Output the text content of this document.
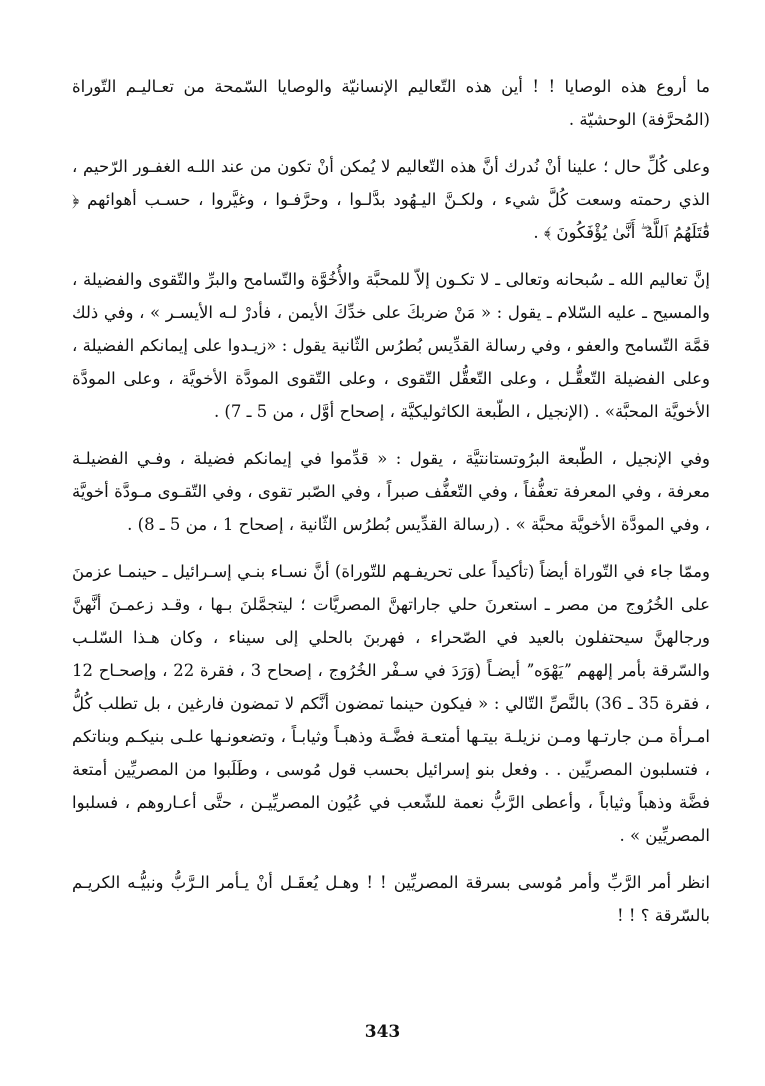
ما أروع هذه الوصايا ! ! أين هذه التّعاليم الإنسانيّة والوصايا السّمحة من تعـاليـم التّوراة (المُحرَّفة) الوحشيّة .

وعلى كُلِّ حال ؛ علينا أنْ نُدرك أنَّ هذه التّعاليم لا يُمكن أنْ تكون من عند اللـه الغفـور الرّحيم ، الذي رحمته وسعت كُلَّ شيء ، ولكـنَّ اليـهُود بدَّلـوا ، وحرَّفـوا ، وغيَّروا ، حسـب أهوائهم ﴿ قَٰتَلَهُمُ ٱللَّهُ ۖ أَنَّىٰ يُؤْفَكُونَ ﴾ .

إنَّ تعاليم الله ـ سُبحانه وتعالى ـ لا تكـون إلاّ للمحبَّة والأُخُوَّة والتّسامح والبرِّ والتّقوى والفضيلة ، والمسيح ـ عليه السّلام ـ يقول : « مَنْ ضربكَ على خدِّكَ الأيمن ، فأدرْ لـه الأيسـر » ، وفي ذلك قمَّة التّسامح والعفو ، وفي رسالة القدِّيس بُطرُس الثّانية يقول : «زيـدوا على إيمانكم الفضيلة ، وعلى الفضيلة التّعقُّـل ، وعلى التّعقُّل التّقوى ، وعلى التّقوى المودَّة الأخويَّة ، وعلى المودَّة الأخويَّة المحبَّة» . (الإنجيل ، الطّبعة الكاثوليكيَّة ، إصحاح أوَّل ، من 5 ـ 7) .

وفي الإنجيل ، الطّبعة البرُوتستانتيَّة ، يقول : « قدِّموا في إيمانكم فضيلة ، وفـي الفضيلـة معرفة ، وفي المعرفة تعفُّفاً ، وفي التّعفُّف صبراً ، وفي الصّبر تقوى ، وفي التّقـوى مـودَّة أخويَّة ، وفي المودَّة الأخويَّة محبَّة » . (رسالة القدِّيس بُطرُس الثّانية ، إصحاح 1 ، من 5 ـ 8) .

وممّا جاء في التّوراة أيضاً (تأكيداً على تحريفـهم للتّوراة) أنَّ نسـاء بنـي إسـرائيل ـ حينمـا عزمنَ على الخُرُوج من مصر ـ استعرنَ حلي جاراتهنَّ المصريَّات ؛ ليتجمَّلنَ بـها ، وقـد زعمـنَ أنَّهنَّ ورجالهنَّ سيحتفلون بالعيد في الصّحراء ، فهربنَ بالحلي إلى سيناء ، وكان هـذا السّلـب والسّرقة بأمر إلههم ˮيَهْوَهˮ أيضـاً (وَرَدَ في سـفْر الخُرُوج ، إصحاح 3 ، فقرة 22 ، وإصحـاح 12 ، فقرة 35 ـ 36) بالنَّصِّ التّالي : « فيكون حينما تمضون أنَّكم لا تمضون فارغين ، بل تطلب كُلُّ امـرأة مـن جارتـها ومـن نزيلـة بيتـها أمتعـة فضَّـة وذهبـاً وثيابـاً ، وتضعونـها علـى بنيكـم وبناتكم ، فتسلبون المصريِّين . . وفعل بنو إسرائيل بحسب قول مُوسى ، وطَلَبوا من المصريِّين أمتعة فضَّة وذهباً وثياباً ، وأعطى الرَّبُّ نعمة للشّعب في عُيُون المصريِّيـن ، حتَّى أعـاروهم ، فسلبوا المصريِّين » .

انظر أمر الرَّبِّ وأمر مُوسى بسرقة المصريِّين ! ! وهـل يُعقَـل أنْ يـأمر الـرَّبُّ ونبيُّـه الكريـم بالسّرقة ؟ ! !

343
